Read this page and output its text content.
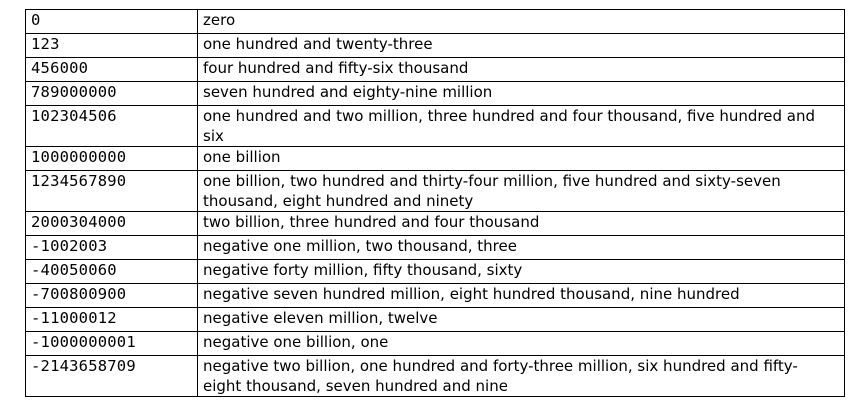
0	zero
123	one hundred and twenty-three
456000	four hundred and fifty-six thousand
789000000	seven hundred and eighty-nine million
102304506	one hundred and two million, three hundred and four thousand, five hundred and six
1000000000	one billion
1234567890	one billion, two hundred and thirty-four million, five hundred and sixty-seven thousand, eight hundred and ninety
2000304000	two billion, three hundred and four thousand
-1002003	negative one million, two thousand, three
-40050060	negative forty million, fifty thousand, sixty
-700800900	negative seven hundred million, eight hundred thousand, nine hundred
-11000012	negative eleven million, twelve
-1000000001	negative one billion, one
-2143658709	negative two billion, one hundred and forty-three million, six hundred and fifty-eight thousand, seven hundred and nine
